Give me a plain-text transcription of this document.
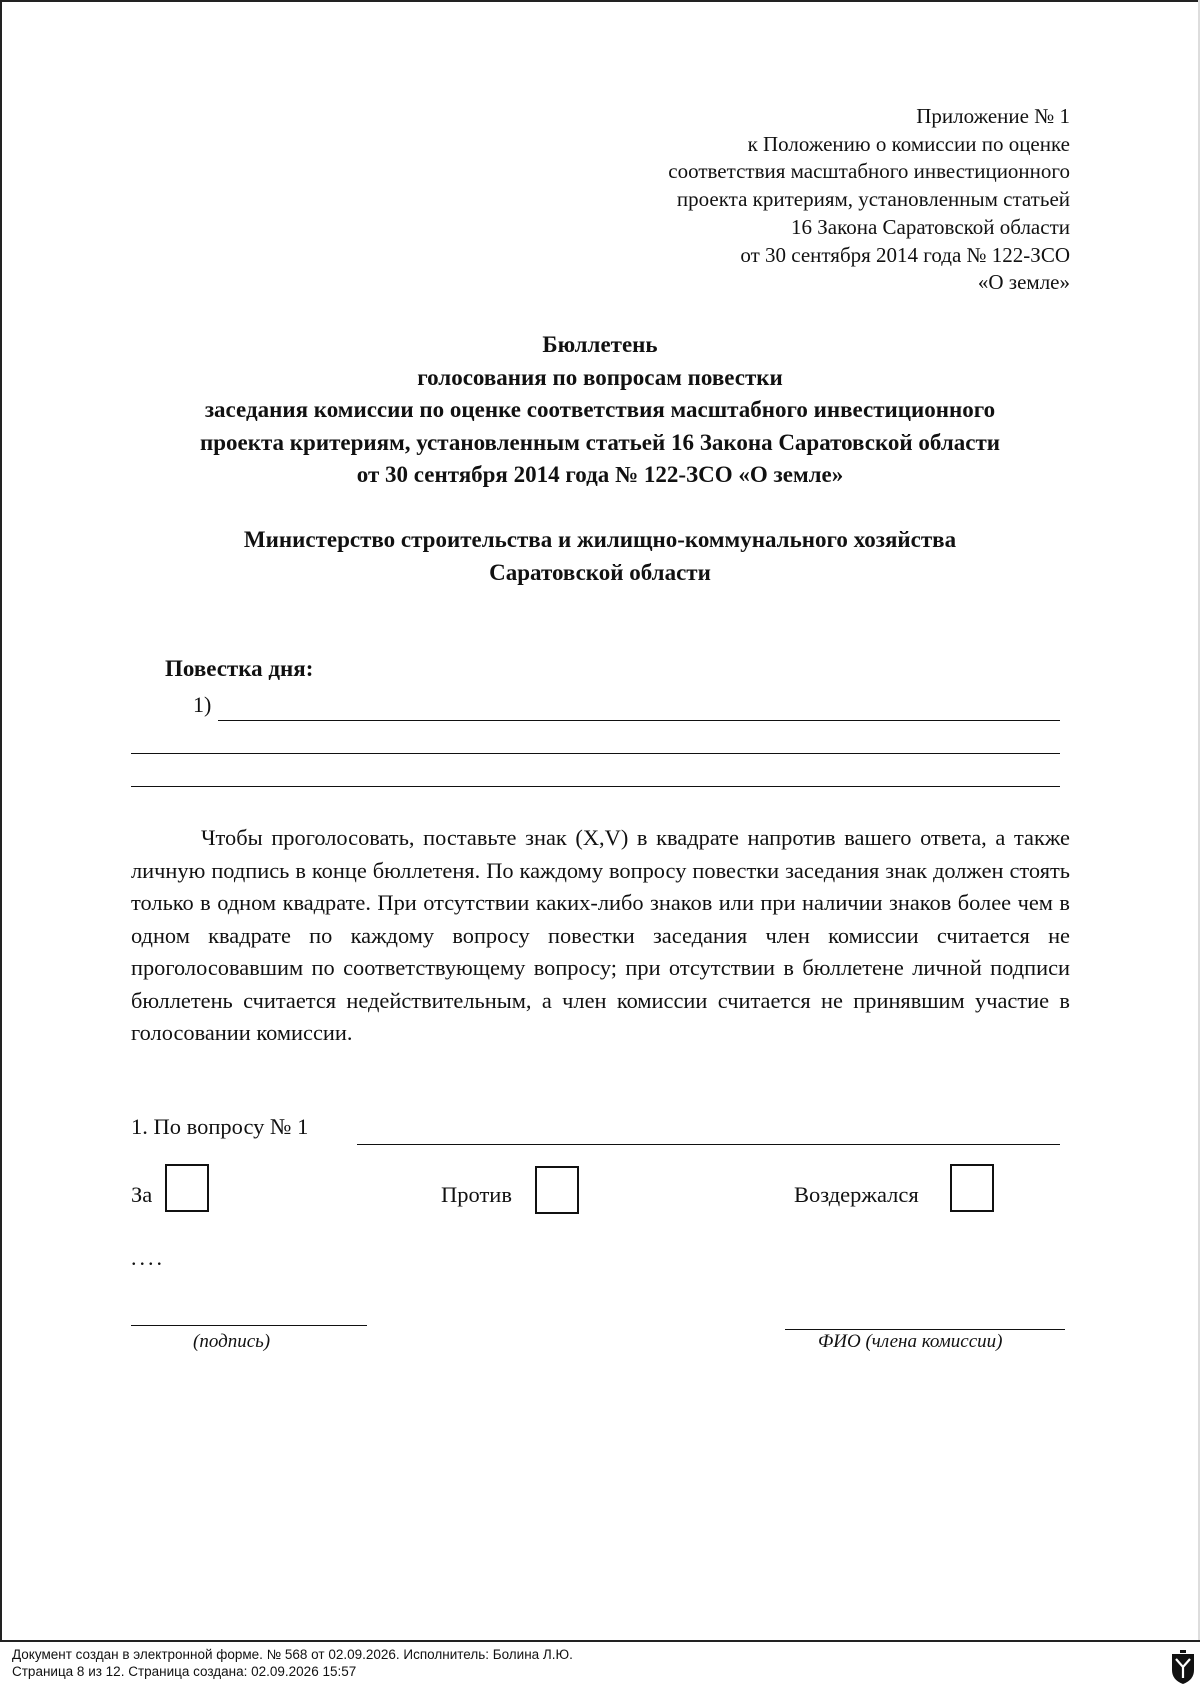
Приложение № 1
к Положению о комиссии по оценке
соответствия масштабного инвестиционного
проекта критериям, установленным статьей
16 Закона Саратовской области
от 30 сентября 2014 года № 122-ЗСО
«О земле»
Бюллетень
голосования по вопросам повестки
заседания комиссии по оценке соответствия масштабного инвестиционного
проекта критериям, установленным статьей 16 Закона Саратовской области
от 30 сентября 2014 года № 122-ЗСО «О земле»
Министерство строительства и жилищно-коммунального хозяйства
Саратовской области
Повестка дня:
1)
Чтобы проголосовать, поставьте знак (X,V) в квадрате напротив вашего ответа, а также личную подпись в конце бюллетеня. По каждому вопросу повестки заседания знак должен стоять только в одном квадрате. При отсутствии каких-либо знаков или при наличии знаков более чем в одном квадрате по каждому вопросу повестки заседания член комиссии считается не проголосовавшим по соответствующему вопросу; при отсутствии в бюллетене личной подписи бюллетень считается недействительным, а член комиссии считается не принявшим участие в голосовании комиссии.
1. По вопросу № 1
За	Против	Воздержался
....
(подпись)	ФИО (члена комиссии)
Документ создан в электронной форме. № 568 от 02.09.2026. Исполнитель: Болина Л.Ю.
Страница 8 из 12. Страница создана: 02.09.2026 15:57
